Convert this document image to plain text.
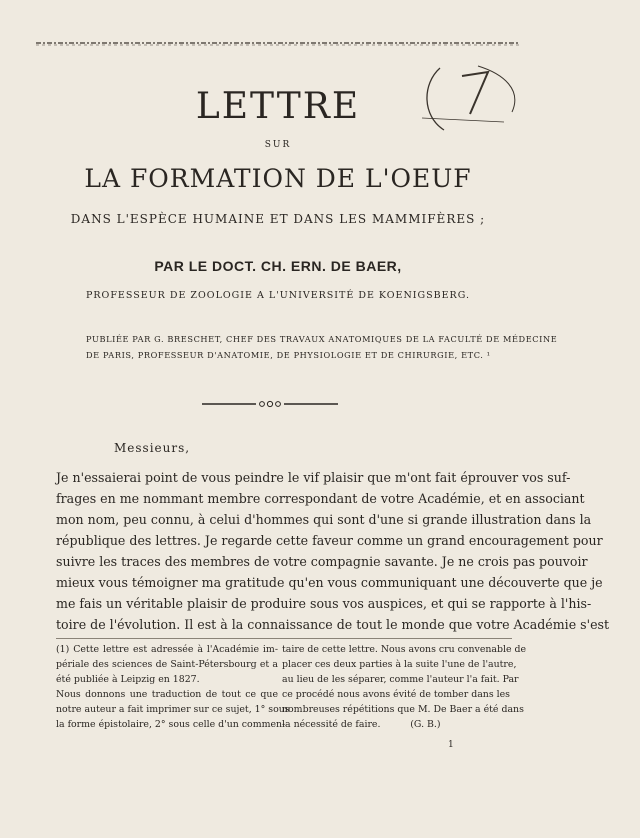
LETTRE
SUR
LA FORMATION DE L'OEUF
DANS L'ESPÈCE HUMAINE ET DANS LES MAMMIFÈRES ;
PAR LE DOCT. CH. ERN. DE BAER,
PROFESSEUR DE ZOOLOGIE A L'UNIVERSITÉ DE KOENIGSBERG.
PUBLIÉE PAR G. BRESCHET, CHEF DES TRAVAUX ANATOMIQUES DE LA FACULTÉ DE MÉDECINE
DE PARIS, PROFESSEUR D'ANATOMIE, DE PHYSIOLOGIE ET DE CHIRURGIE, ETC. ¹
Messieurs,
Je n'essaierai point de vous peindre le vif plaisir que m'ont fait éprouver vos suf-
frages en me nommant membre correspondant de votre Académie, et en associant
mon nom, peu connu, à celui d'hommes qui sont d'une si grande illustration dans la
république des lettres. Je regarde cette faveur comme un grand encouragement pour
suivre les traces des membres de votre compagnie savante. Je ne crois pas pouvoir
mieux vous témoigner ma gratitude qu'en vous communiquant une découverte que je
me fais un véritable plaisir de produire sous vos auspices, et qui se rapporte à l'his-
toire de l'évolution. Il est à la connaissance de tout le monde que votre Académie s'est
(1) Cette lettre est adressée à l'Académie im-
périale des sciences de Saint-Pétersbourg et a
été publiée à Leipzig en 1827.
Nous donnons une traduction de tout ce que
notre auteur a fait imprimer sur ce sujet, 1° sous
la forme épistolaire, 2° sous celle d'un commen-
taire de cette lettre. Nous avons cru convenable de
placer ces deux parties à la suite l'une de l'autre,
au lieu de les séparer, comme l'auteur l'a fait. Par
ce procédé nous avons évité de tomber dans les
nombreuses répétitions que M. De Baer a été dans
la nécessité de faire.          (G. B.)
1
